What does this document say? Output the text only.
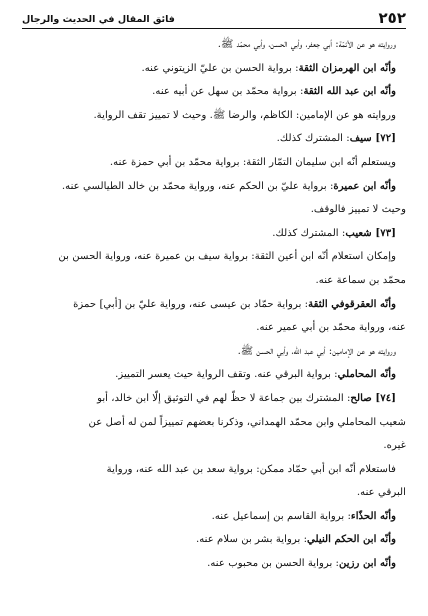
٢٥٢
فائق المقال في الحديث والرجال
وروايته هو عن الأئمّة: أبي جعفر، وأبي الحسن، وأبي محمّد ﷺ.
وأنّه ابن الهرمزان الثقة: برواية الحسن بن عليّ الزيتوني عنه.
وأنّه ابن عبد الله الثقة: برواية محمّد بن سهل عن أبيه عنه.
وروايته هو عن الإمامين: الكاظم، والرضا ﷺ. وحيث لا تمييز تقف الرواية.
[٧٢] سيف: المشترك كذلك.
ويستعلم أنّه ابن سليمان التمّار الثقة: برواية محمّد بن أبي حمزة عنه.
وأنّه ابن عميرة: برواية عليّ بن الحكم عنه، ورواية محمّد بن خالد الطيالسي عنه.
وحيث لا تمييز فالوقف.
[٧٣] شعيب: المشترك كذلك.
وإمكان استعلام أنّه ابن أعين الثقة: برواية سيف بن عميرة عنه، ورواية الحسن بن
محمّد بن سماعة عنه.
وأنّه العقرقوفي الثقة: برواية حمّاد بن عيسى عنه، ورواية عليّ بن [أبي] حمزة
عنه، ورواية محمّد بن أبي عمير عنه.
وروايته هو عن الإمامين: أبي عبد الله، وأبي الحسن ﷺ.
وأنّه المحاملي: برواية البرقي عنه. وتقف الرواية حيث يعسر التمييز.
[٧٤] صالح: المشترك بين جماعة لا حظّ لهم في التوثيق إلّا ابن خالد، أبو
شعيب المحاملي وابن محمّد الهمداني، وذكرنا بعضهم تمييزاً لمن له أصل عن
غيره.
فاستعلام أنّه ابن أبي حمّاد ممكن: برواية سعد بن عبد الله عنه، ورواية
البرقي عنه.
وأنّه الحذّاء: برواية القاسم بن إسماعيل عنه.
وأنّه ابن الحكم النيلي: برواية بشر بن سلام عنه.
وأنّه ابن رزين: برواية الحسن بن محبوب عنه.
